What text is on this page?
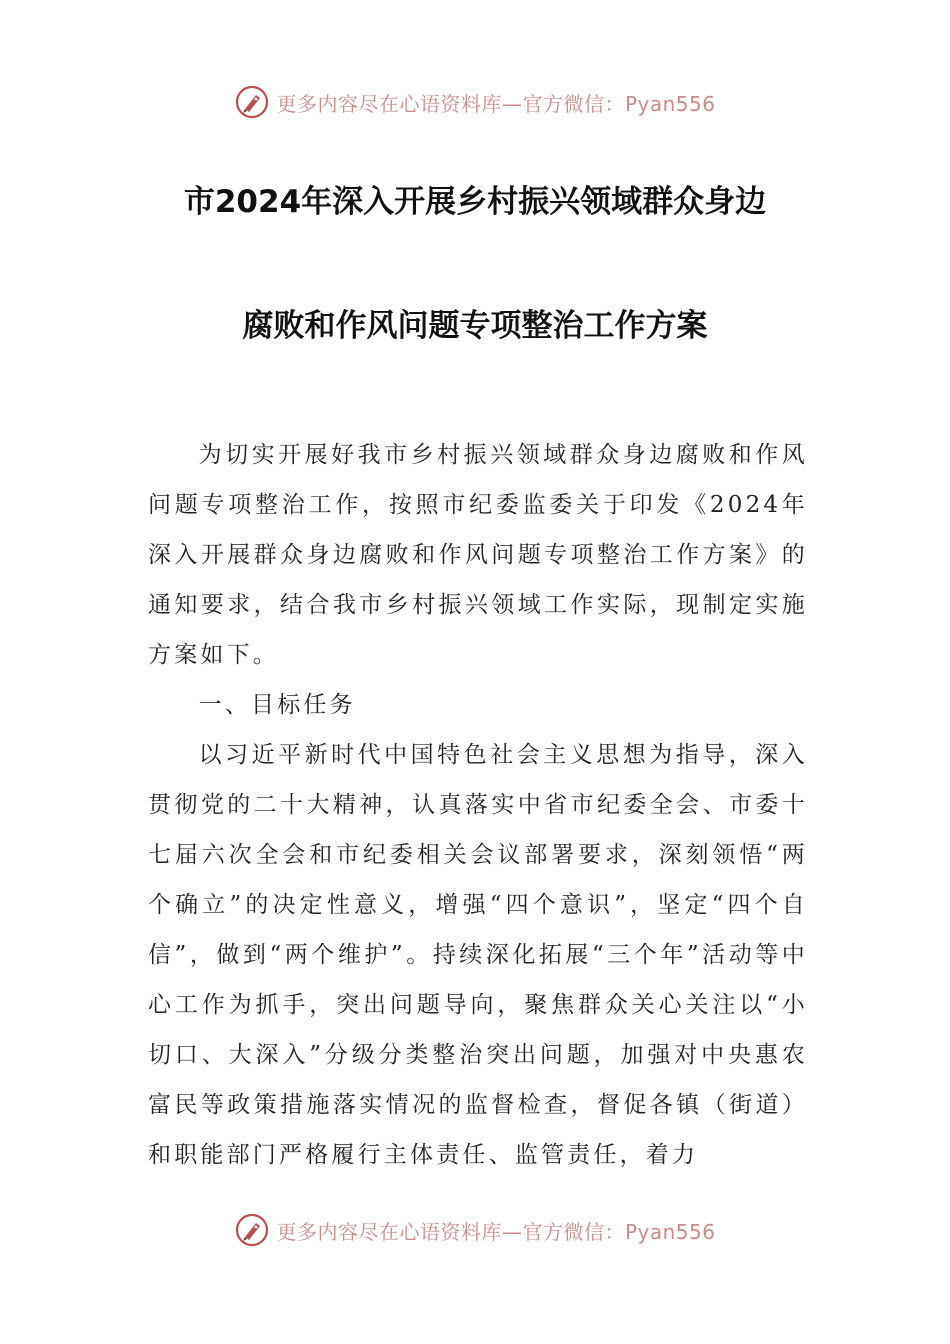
更多内容尽在心语资料库—官方微信：Pyan556
市2024年深入开展乡村振兴领域群众身边
腐败和作风问题专项整治工作方案

为切实开展好我市乡村振兴领域群众身边腐败和作风问题专项整治工作，按照市纪委监委关于印发《2024年深入开展群众身边腐败和作风问题专项整治工作方案》的通知要求，结合我市乡村振兴领域工作实际，现制定实施方案如下。

一、目标任务

以习近平新时代中国特色社会主义思想为指导，深入贯彻党的二十大精神，认真落实中省市纪委全会、市委十七届六次全会和市纪委相关会议部署要求，深刻领悟“两个确立”的决定性意义，增强“四个意识”，坚定“四个自信”，做到“两个维护”。持续深化拓展“三个年”活动等中心工作为抓手，突出问题导向，聚焦群众关心关注以“小切口、大深入”分级分类整治突出问题，加强对中央惠农富民等政策措施落实情况的监督检查，督促各镇（街道）和职能部门严格履行主体责任、监管责任，着力

更多内容尽在心语资料库—官方微信：Pyan556
